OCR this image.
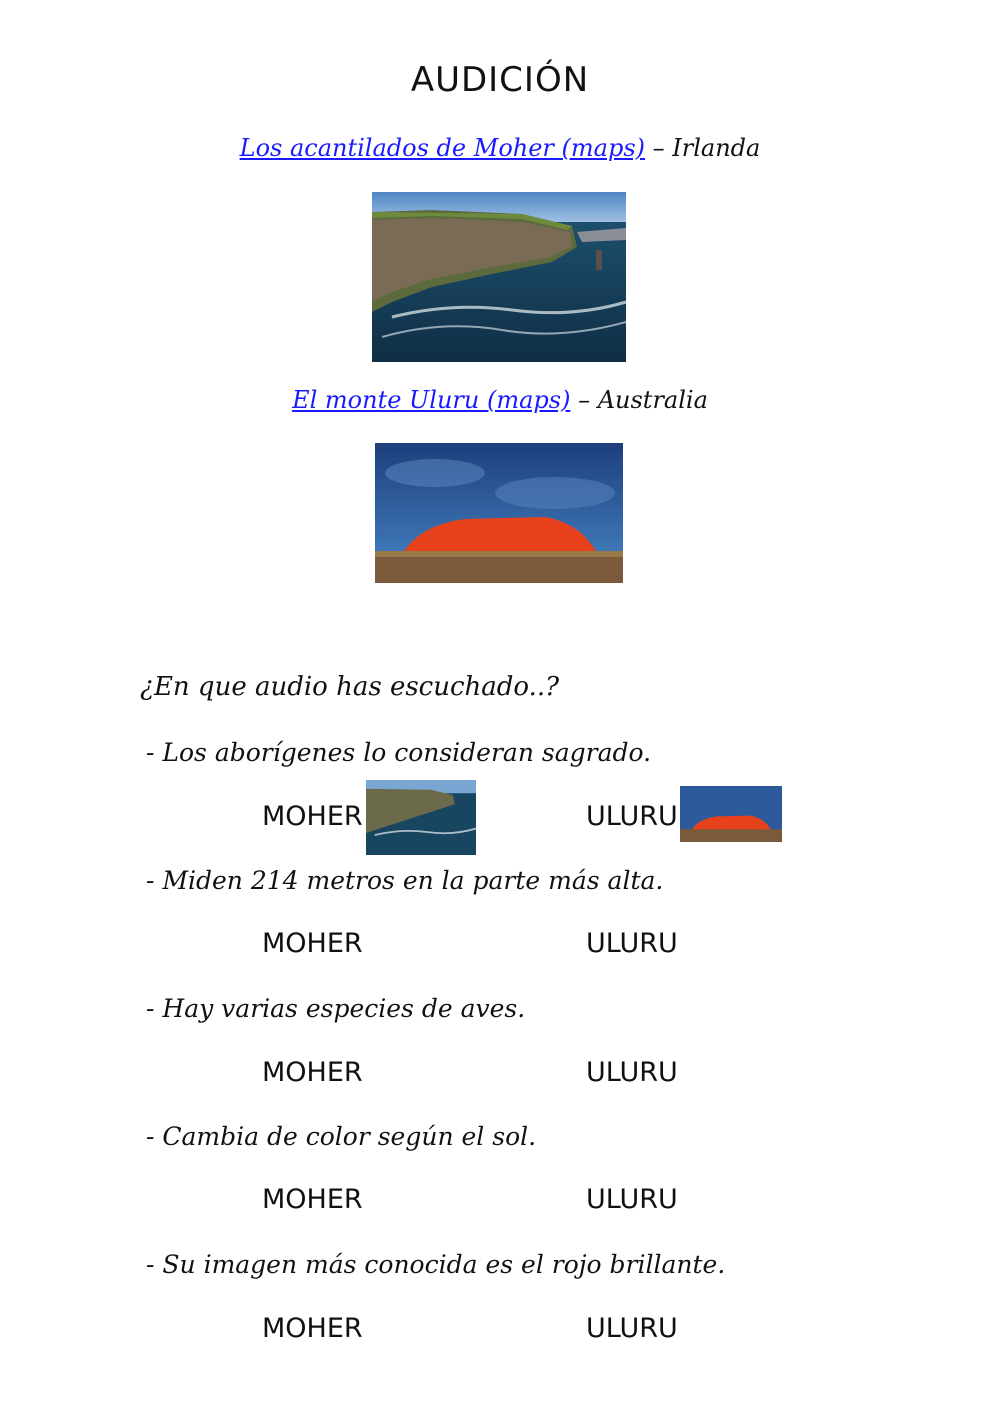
AUDICIÓN
Los acantilados de Moher (maps) – Irlanda
El monte Uluru (maps) – Australia
¿En que audio has escuchado..?
- Los aborígenes lo consideran sagrado.
MOHER	ULURU
- Miden 214 metros en la parte más alta.
MOHER	ULURU
- Hay varias especies de aves.
MOHER	ULURU
- Cambia de color según el sol.
MOHER	ULURU
- Su imagen más conocida es el rojo brillante.
MOHER	ULURU
